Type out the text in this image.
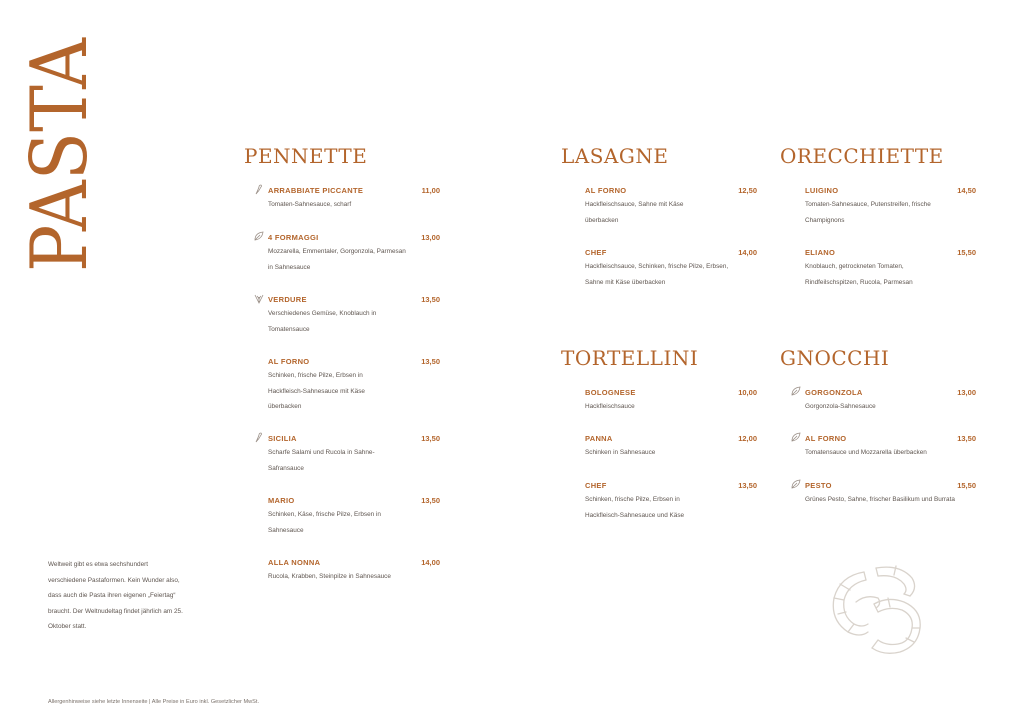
PASTA	PENNETTE
ARRABBIATE PICCANTE	11,00
Tomaten-Sahnesauce, scharf
4 FORMAGGI	13,00
Mozzarella, Emmentaler, Gorgonzola, Parmesan in Sahnesauce
VERDURE	13,50
Verschiedenes Gemüse, Knoblauch in Tomatensauce
AL FORNO	13,50
Schinken, frische Pilze, Erbsen in Hackfleisch-Sahnesauce mit Käse überbacken
SICILIA	13,50
Scharfe Salami und Rucola in Sahne-Safransauce
MARIO	13,50
Schinken, Käse, frische Pilze, Erbsen in Sahnesauce
ALLA NONNA	14,00
Rucola, Krabben, Steinpilze in Sahnesauce
LASAGNE
AL FORNO	12,50
Hackfleischsauce, Sahne mit Käse überbacken
CHEF	14,00
Hackfleischsauce, Schinken, frische Pilze, Erbsen, Sahne mit Käse überbacken
ORECCHIETTE
LUIGINO	14,50
Tomaten-Sahnesauce, Putenstreifen, frische Champignons
ELIANO	15,50
Knoblauch, getrockneten Tomaten, Rindfeilschspitzen, Rucola, Parmesan
TORTELLINI
BOLOGNESE	10,00
Hackfleischsauce
PANNA	12,00
Schinken in Sahnesauce
CHEF	13,50
Schinken, frische Pilze, Erbsen in Hackfleisch-Sahnesauce und Käse
GNOCCHI
GORGONZOLA	13,00
Gorgonzola-Sahnesauce
AL FORNO	13,50
Tomatensauce und Mozzarella überbacken
PESTO	15,50
Grünes Pesto, Sahne, frischer Basilikum und Burrata
Weltweit gibt es etwa sechshundert verschiedene Pastaformen. Kein Wunder also, dass auch die Pasta ihren eigenen „Feiertag“ braucht. Der Weltnudeltag findet jährlich am 25. Oktober statt.
Allergenhinweise siehe letzte Innenseite | Alle Preise in Euro inkl. Gesetzlicher MwSt.
